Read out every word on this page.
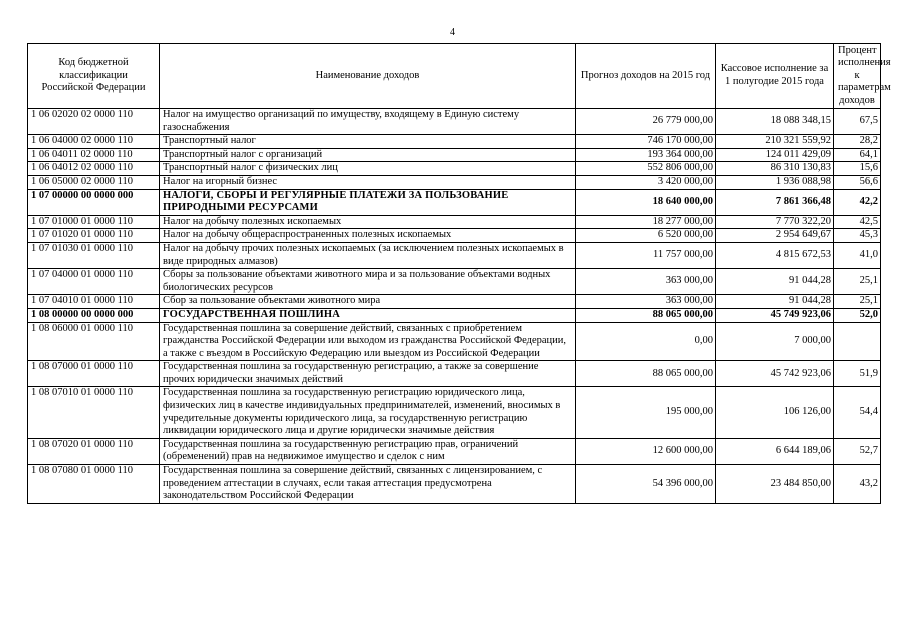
4
Код бюджетной классификации Российской Федерации	Наименование доходов	Прогноз доходов на 2015 год	Кассовое исполнение за 1 полугодие 2015 года	Процент исполнения к параметрам доходов
1 06 02020 02 0000 110	Налог на имущество организаций по имуществу, входящему в Единую систему газоснабжения	26 779 000,00	18 088 348,15	67,5
1 06 04000 02 0000 110	Транспортный налог	746 170 000,00	210 321 559,92	28,2
1 06 04011 02 0000 110	Транспортный налог с организаций	193 364 000,00	124 011 429,09	64,1
1 06 04012 02 0000 110	Транспортный налог с физических лиц	552 806 000,00	86 310 130,83	15,6
1 06 05000 02 0000 110	Налог на игорный бизнес	3 420 000,00	1 936 088,98	56,6
1 07 00000 00 0000 000	НАЛОГИ, СБОРЫ И РЕГУЛЯРНЫЕ ПЛАТЕЖИ ЗА ПОЛЬЗОВАНИЕ ПРИРОДНЫМИ РЕСУРСАМИ	18 640 000,00	7 861 366,48	42,2
1 07 01000 01 0000 110	Налог на добычу полезных ископаемых	18 277 000,00	7 770 322,20	42,5
1 07 01020 01 0000 110	Налог на добычу общераспространенных полезных ископаемых	6 520 000,00	2 954 649,67	45,3
1 07 01030 01 0000 110	Налог на добычу прочих полезных ископаемых (за исключением полезных ископаемых в виде природных алмазов)	11 757 000,00	4 815 672,53	41,0
1 07 04000 01 0000 110	Сборы за пользование объектами животного мира и за пользование объектами водных биологических ресурсов	363 000,00	91 044,28	25,1
1 07 04010 01 0000 110	Сбор за пользование объектами животного мира	363 000,00	91 044,28	25,1
1 08 00000 00 0000 000	ГОСУДАРСТВЕННАЯ ПОШЛИНА	88 065 000,00	45 749 923,06	52,0
1 08 06000 01 0000 110	Государственная пошлина за совершение действий, связанных с приобретением гражданства Российской Федерации или выходом из гражданства Российской Федерации, а также с въездом в Российскую Федерацию или выездом из Российской Федерации	0,00	7 000,00	
1 08 07000 01 0000 110	Государственная пошлина за государственную регистрацию, а также за совершение прочих юридически значимых действий	88 065 000,00	45 742 923,06	51,9
1 08 07010 01 0000 110	Государственная пошлина за государственную регистрацию юридического лица, физических лиц в качестве индивидуальных предпринимателей, изменений, вносимых в учредительные документы юридического лица, за государственную регистрацию ликвидации юридического лица и другие юридически значимые действия	195 000,00	106 126,00	54,4
1 08 07020 01 0000 110	Государственная пошлина за государственную регистрацию прав, ограничений (обременений) прав на недвижимое имущество и сделок с ним	12 600 000,00	6 644 189,06	52,7
1 08 07080 01 0000 110	Государственная пошлина за совершение действий, связанных с лицензированием, с проведением аттестации в случаях, если такая аттестация предусмотрена законодательством Российской Федерации	54 396 000,00	23 484 850,00	43,2
